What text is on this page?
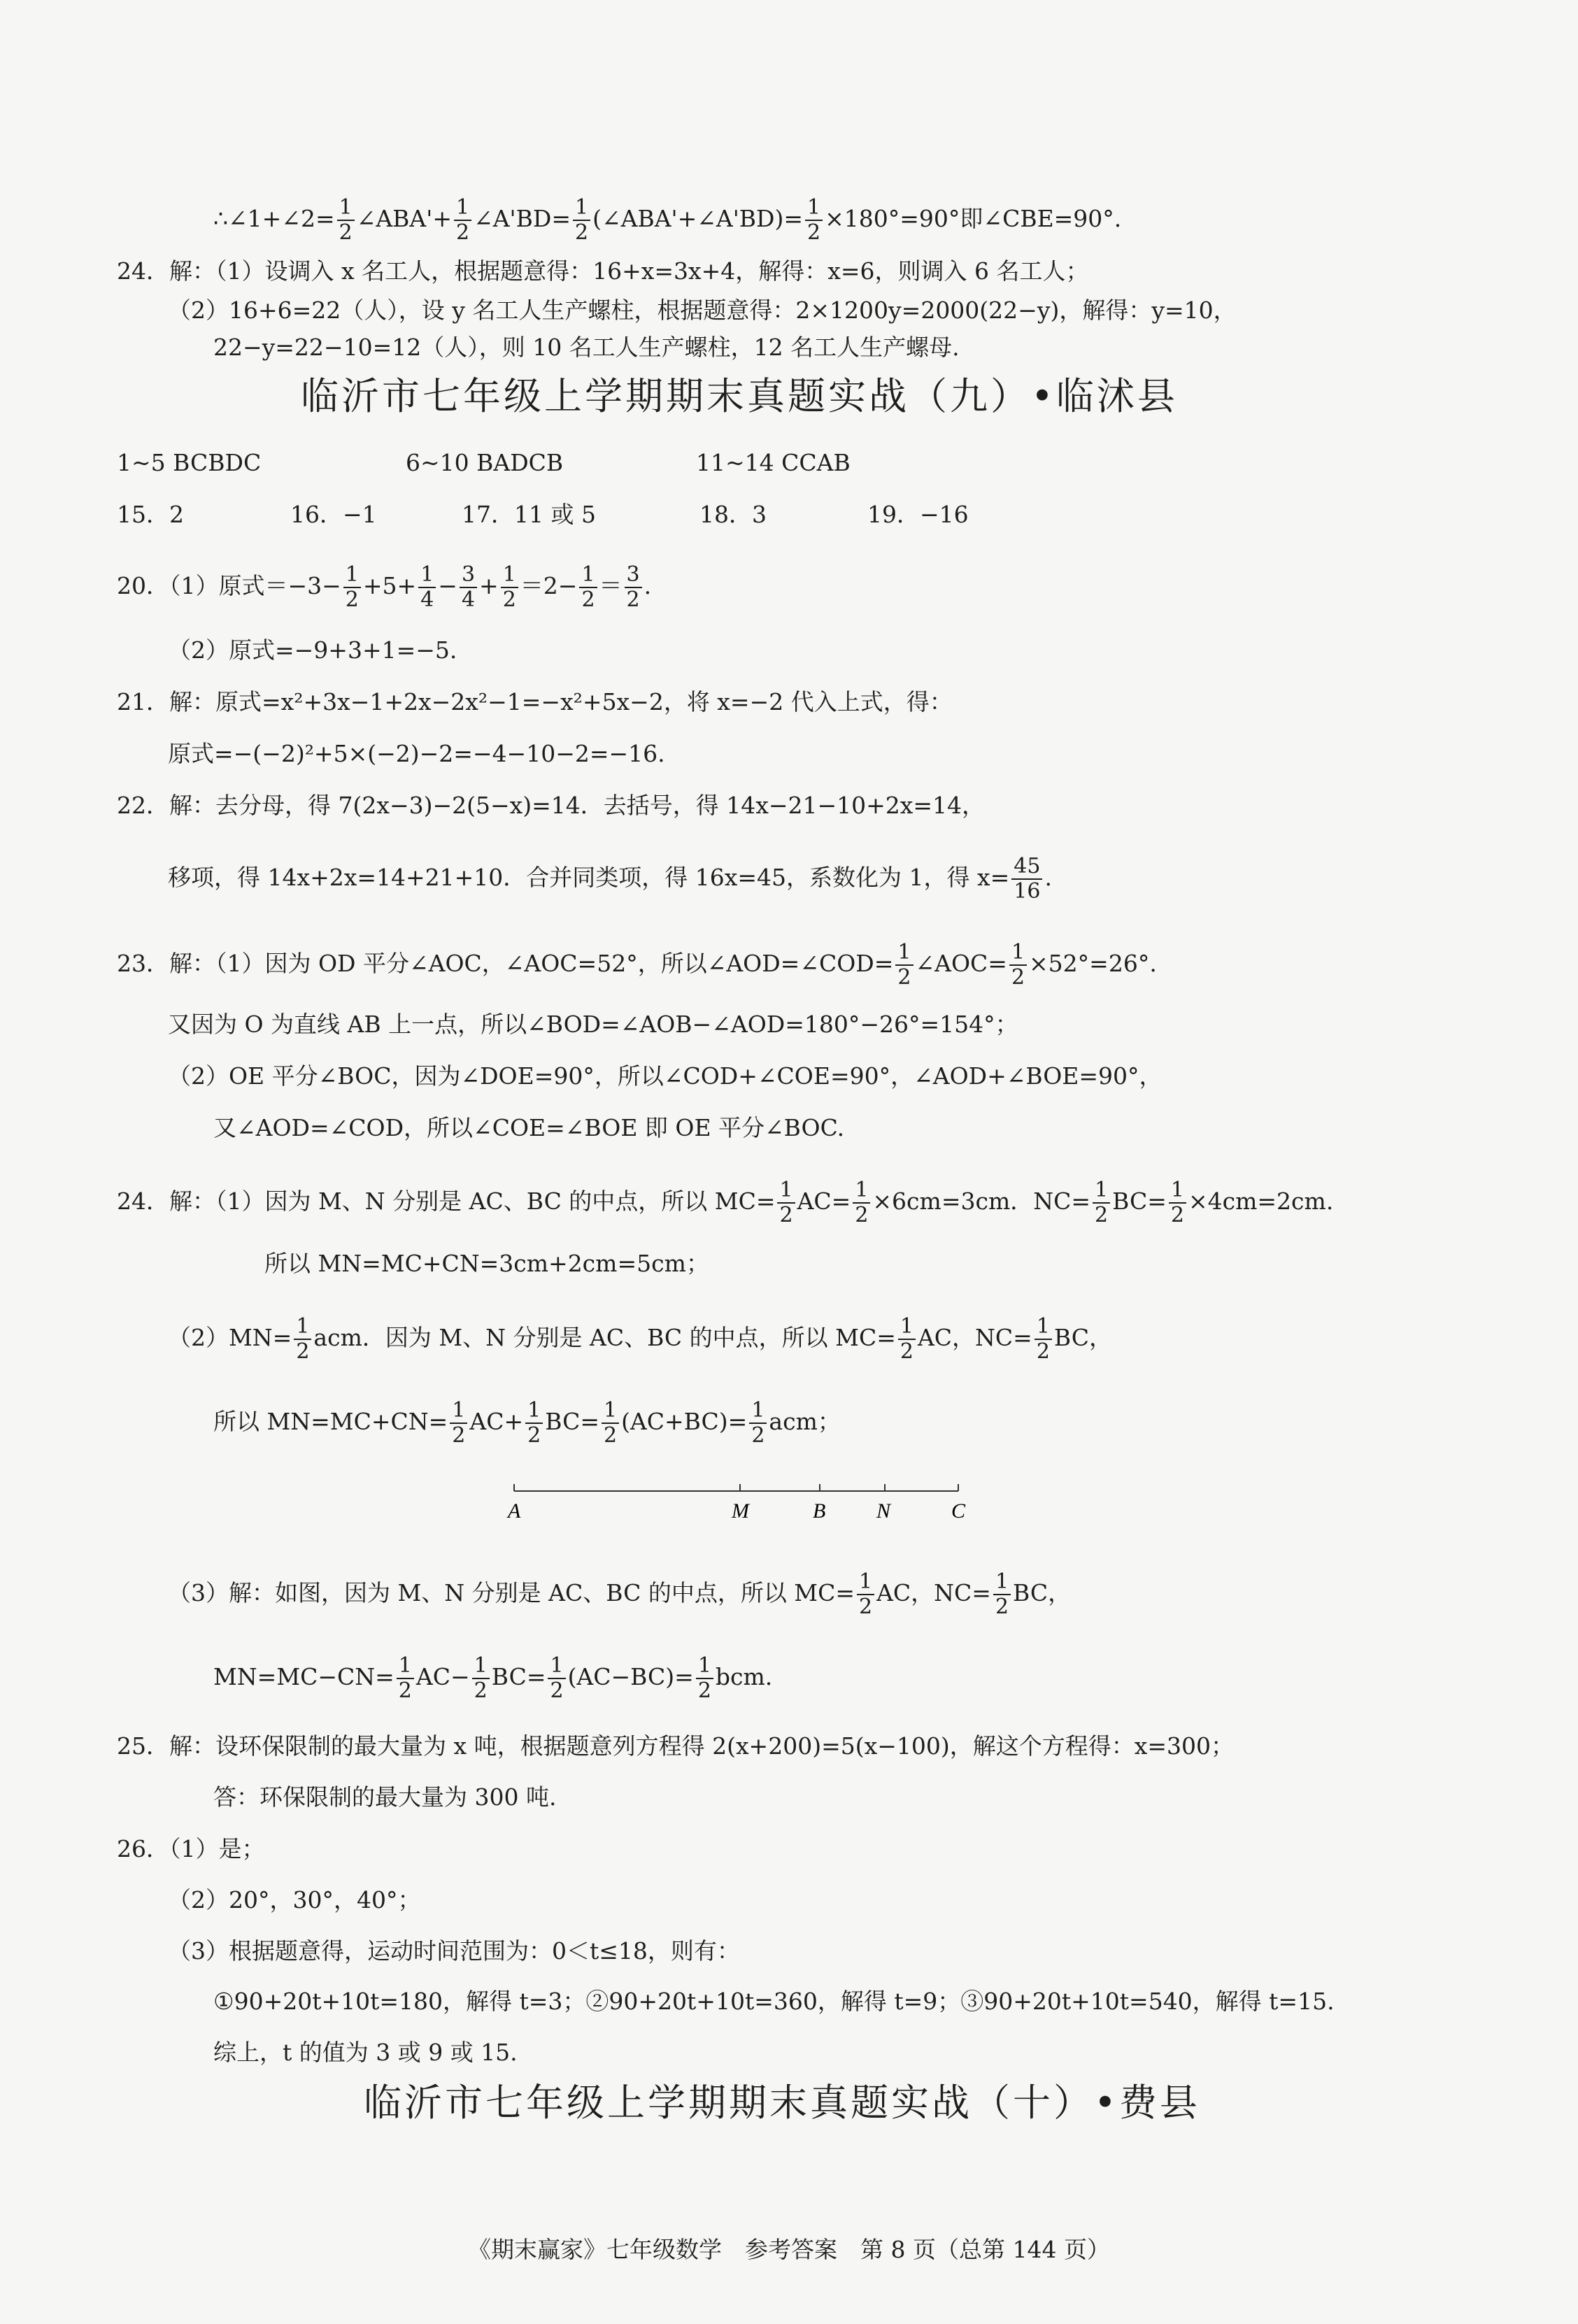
∴∠1+∠2= $\frac{1}{2}$ ∠ABA'+ $\frac{1}{2}$ ∠A'BD= $\frac{1}{2}$ (∠ABA'+∠A'BD)= $\frac{1}{2} \times 180^\circ=90^\circ$即∠CBE=90°.
24．解：（1）设调入 x 名工人，根据题意得：16+x=3x+4，解得：x=6，则调入 6 名工人；
（2）16+6=22（人），设 y 名工人生产螺柱，根据题意得：2×1200y=2000(22−y)，解得：y=10，
22−y=22−10=12（人），则 10 名工人生产螺柱，12 名工人生产螺母.
临沂市七年级上学期期末真题实战（九）•临沭县
1~5 BCBDC	6~10 BADCB	11~14 CCAB
15．2	16．−1	17．11 或 5	18．3	19．−16
20．（1）原式$=-3- \frac{1}{2} +5+ \frac{1}{4} - \frac{3}{4} + \frac{1}{2} =2- \frac{1}{2} = \frac{3}{2}$ .
（2）原式=−9+3+1=−5.
21．解：原式=x²+3x−1+2x−2x²−1=−x²+5x−2，将 x=−2 代入上式，得：
原式=−(−2)²+5×(−2)−2=−4−10−2=−16.
22．解：去分母，得 7(2x−3)−2(5−x)=14．去括号，得 14x−21−10+2x=14，
移项，得 14x+2x=14+21+10．合并同类项，得 16x=45，系数化为 1，得 $x= \frac{45}{16}$ .
23．解：（1）因为 OD 平分∠AOC，∠AOC=52°，所以∠AOD=∠COD= $\frac{1}{2}$ ∠AOC= $\frac{1}{2} \times 52^\circ=26^\circ$.
又因为 O 为直线 AB 上一点，所以∠BOD=∠AOB−∠AOD=180°−26°=154°；
（2）OE 平分∠BOC，因为∠DOE=90°，所以∠COD+∠COE=90°，∠AOD+∠BOE=90°，
又∠AOD=∠COD，所以∠COE=∠BOE 即 OE 平分∠BOC.
24．解：（1）因为 M、N 分别是 AC、BC 的中点，所以 $MC= \frac{1}{2} AC= \frac{1}{2} \times 6cm=3cm$．$NC= \frac{1}{2} BC= \frac{1}{2} \times 4cm=2cm$.
所以 MN=MC+CN=3cm+2cm=5cm；
$(2)MN= \frac{1}{2}$ acm．因为 M、N 分别是 AC、BC 的中点，所以 $MC= \frac{1}{2}$ AC，$NC= \frac{1}{2}$ BC，
所以 $MN=MC+CN= \frac{1}{2} AC+ \frac{1}{2} BC= \frac{1}{2} (AC+BC)= \frac{1}{2}$ acm；
A	M	B N	C
（3）解：如图，因为 M、N 分别是 AC、BC 的中点，所以 $MC= \frac{1}{2}$ AC，$NC= \frac{1}{2}$ BC，
$MN=MC-CN= \frac{1}{2} AC- \frac{1}{2} BC= \frac{1}{2} (AC-BC)= \frac{1}{2}$ bcm.
25．解：设环保限制的最大量为 x 吨，根据题意列方程得 2(x+200)=5(x−100)，解这个方程得：x=300；
答：环保限制的最大量为 300 吨.
26．（1）是；
（2）20°，30°，40°；
（3）根据题意得，运动时间范围为：0＜t≤18，则有：
①90+20t+10t=180，解得 t=3；②90+20t+10t=360，解得 t=9；③90+20t+10t=540，解得 t=15.
综上，t 的值为 3 或 9 或 15.
临沂市七年级上学期期末真题实战（十）•费县
《期末赢家》七年级数学　参考答案　第 8 页（总第 144 页）
